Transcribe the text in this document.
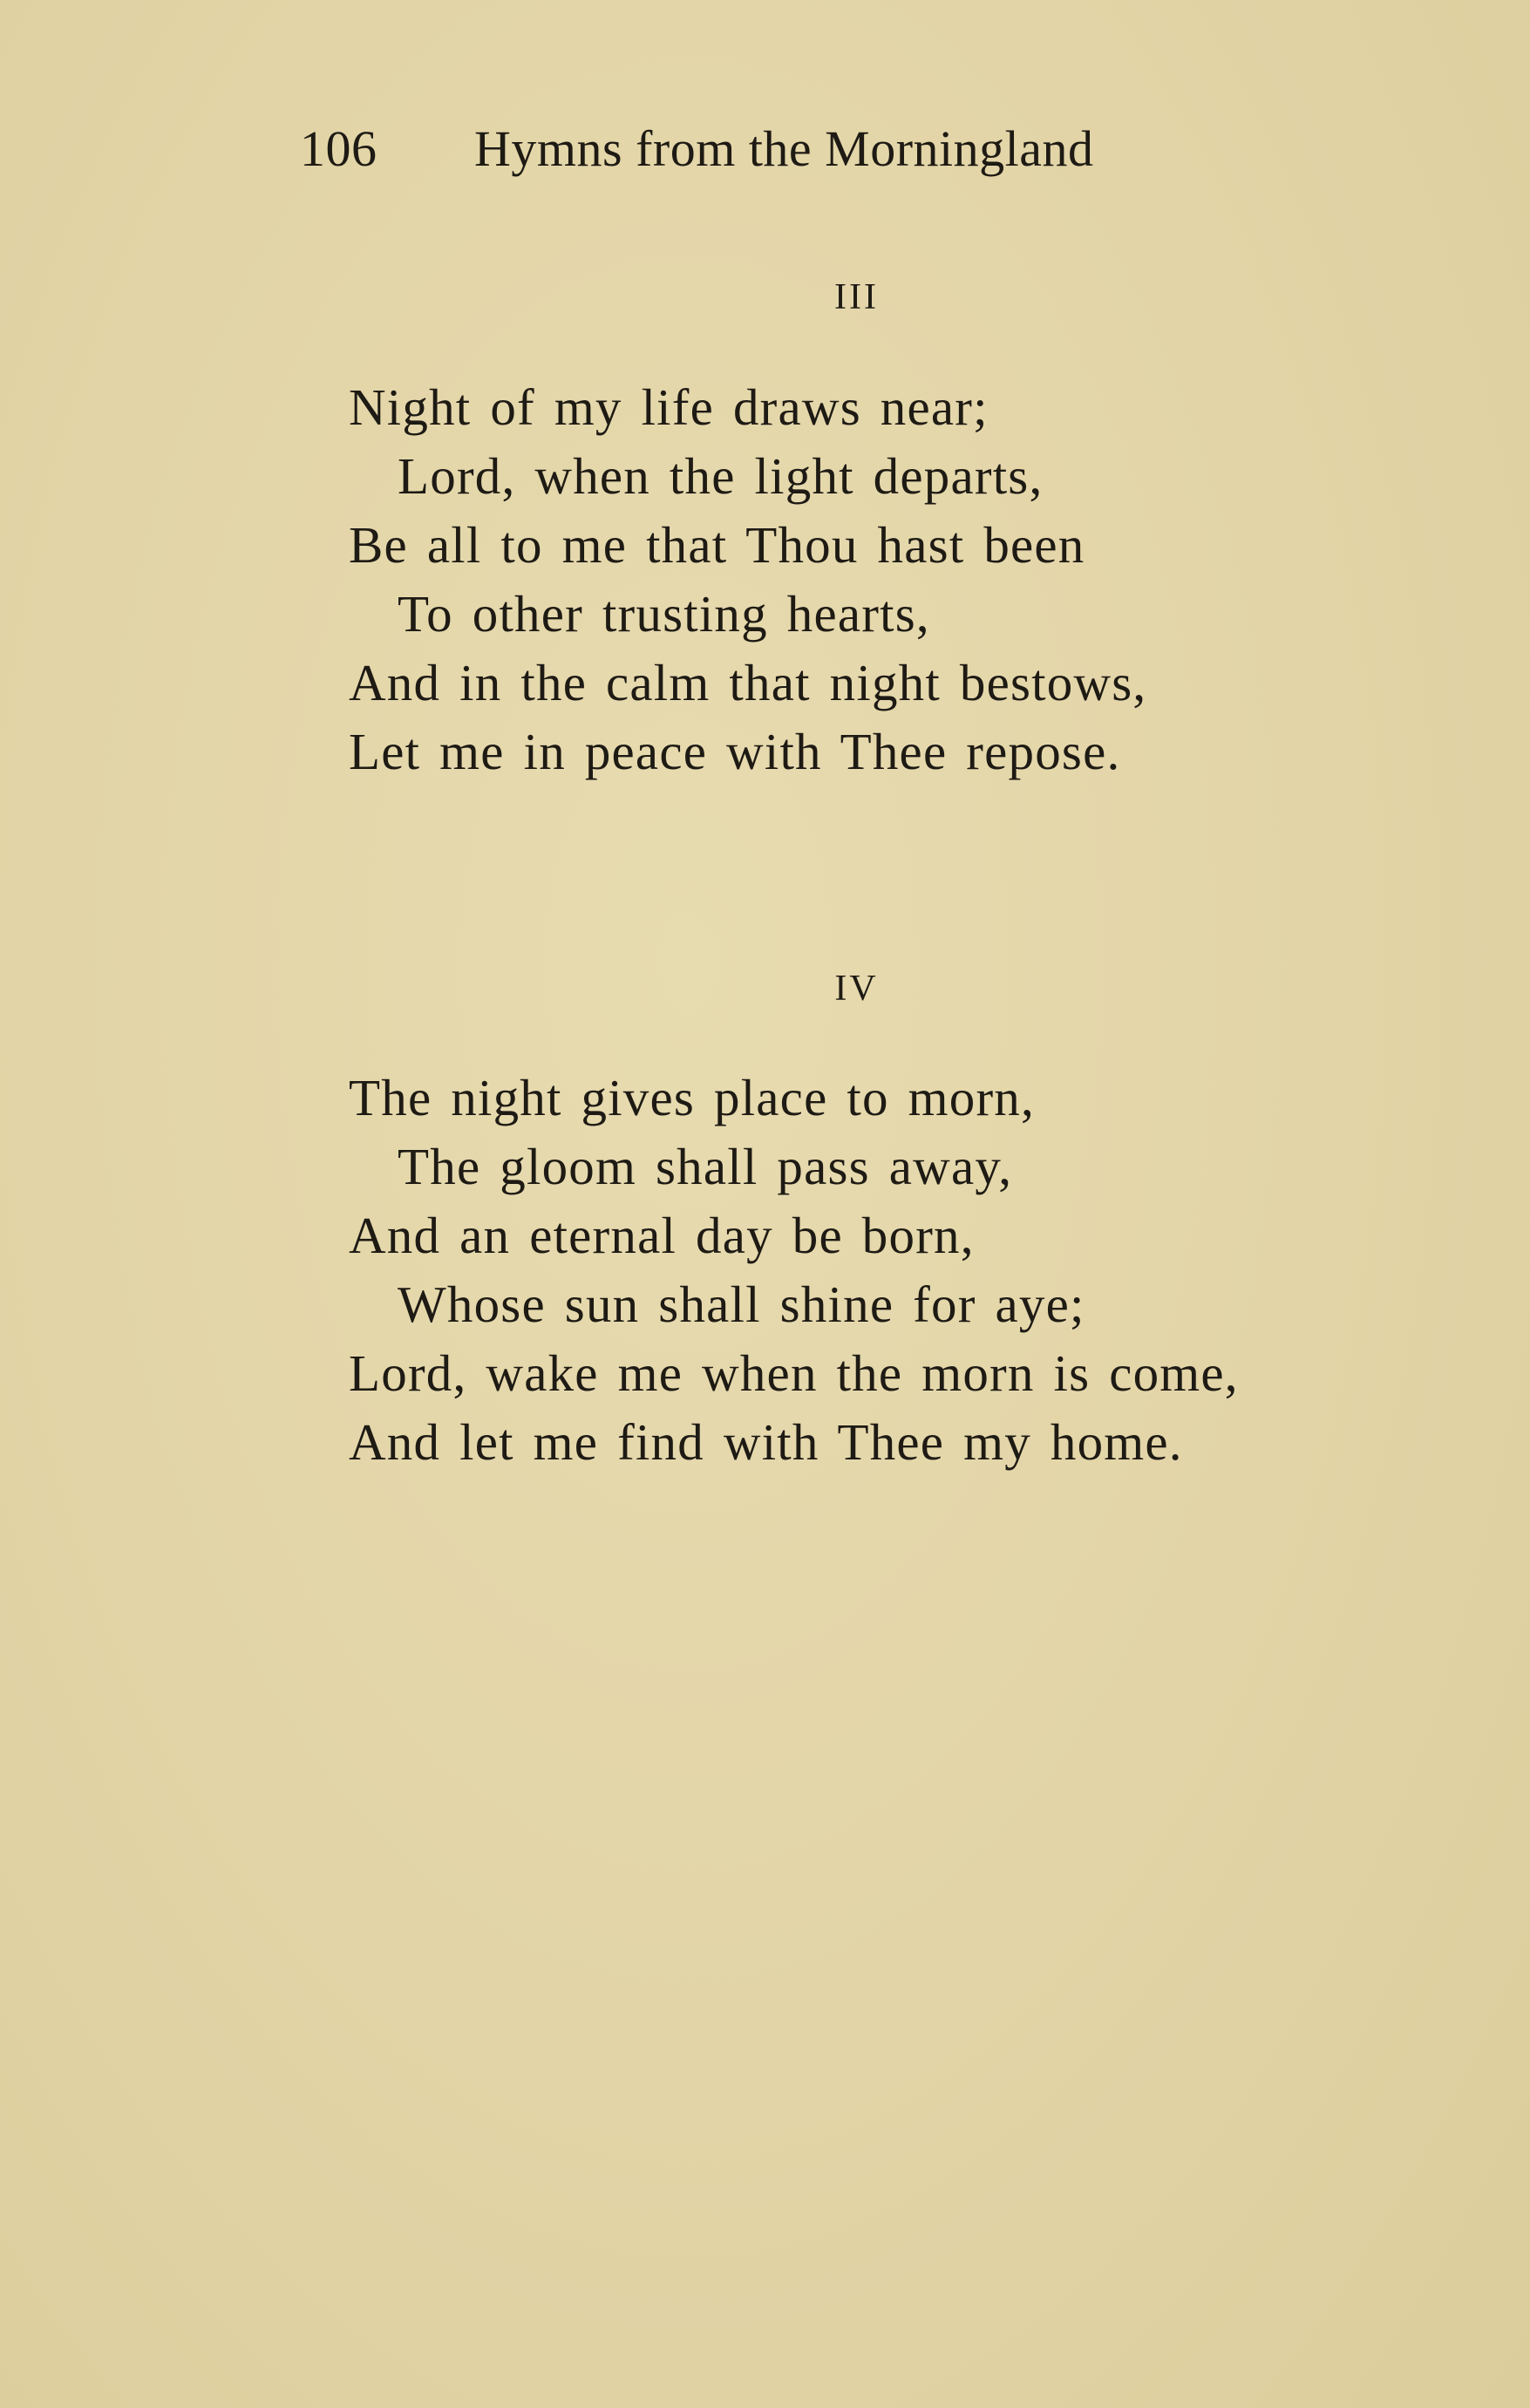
106 Hymns from the Morningland
III
Night of my life draws near;
Lord, when the light departs,
Be all to me that Thou hast been
To other trusting hearts,
And in the calm that night bestows,
Let me in peace with Thee repose.
IV
The night gives place to morn,
The gloom shall pass away,
And an eternal day be born,
Whose sun shall shine for aye;
Lord, wake me when the morn is come,
And let me find with Thee my home.
